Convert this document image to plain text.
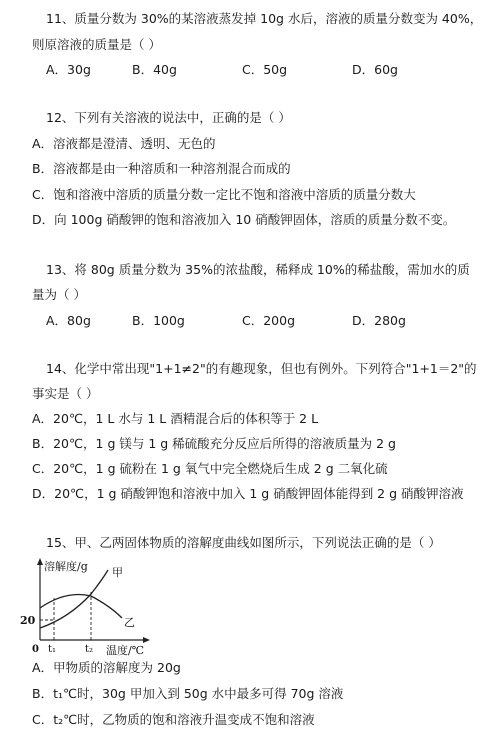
11、质量分数为 30%的某溶液蒸发掉 10g 水后，溶液的质量分数变为 40%，
则原溶液的质量是（ ）
A．30g	B．40g	C．50g	D．60g
12、下列有关溶液的说法中，正确的是（ ）
A．溶液都是澄清、透明、无色的
B．溶液都是由一种溶质和一种溶剂混合而成的
C．饱和溶液中溶质的质量分数一定比不饱和溶液中溶质的质量分数大
D．向 100g 硝酸钾的饱和溶液加入 10 硝酸钾固体，溶质的质量分数不变。
13、将 80g 质量分数为 35%的浓盐酸，稀释成 10%的稀盐酸，需加水的质
量为（ ）
A．80g	B．100g	C．200g	D．280g
14、化学中常出现"1+1≠2"的有趣现象，但也有例外。下列符合"1+1＝2"的
事实是（ ）
A．20℃，1 L 水与 1 L 酒精混合后的体积等于 2 L
B．20℃，1 g 镁与 1 g 稀硫酸充分反应后所得的溶液质量为 2 g
C．20℃，1 g 硫粉在 1 g 氧气中完全燃烧后生成 2 g 二氧化硫
D．20℃，1 g 硝酸钾饱和溶液中加入 1 g 硝酸钾固体能得到 2 g 硝酸钾溶液
15、甲、乙两固体物质的溶解度曲线如图所示，下列说法正确的是（ ）
溶解度/g 甲
乙
20
0 t₁	t₂ 温度/℃
A．甲物质的溶解度为 20g
B．t₁℃时，30g 甲加入到 50g 水中最多可得 70g 溶液
C．t₂℃时，乙物质的饱和溶液升温变成不饱和溶液
